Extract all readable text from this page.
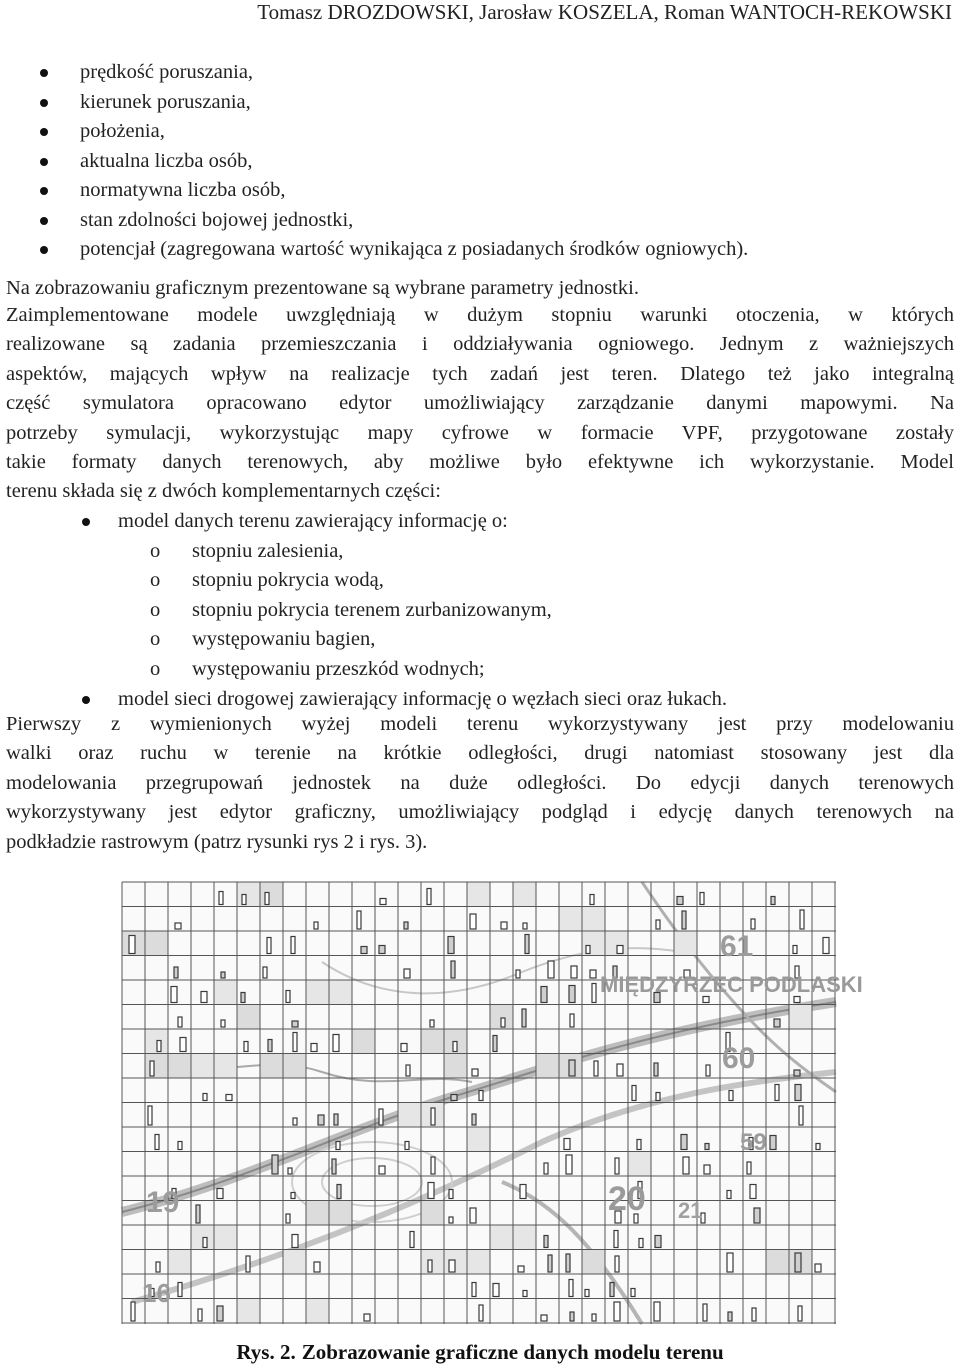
Tomasz DROZDOWSKI, Jarosław KOSZELA, Roman WANTOCH-REKOWSKI
prędkość poruszania,
kierunek poruszania,
położenia,
aktualna liczba osób,
normatywna liczba osób,
stan zdolności bojowej jednostki,
potencjał (zagregowana wartość wynikająca z posiadanych środków ogniowych).
Na zobrazowaniu graficznym prezentowane są wybrane parametry jednostki.
Zaimplementowane modele uwzględniają w dużym stopniu warunki otoczenia, w których
realizowane są zadania przemieszczania i oddziaływania ogniowego. Jednym z ważniejszych
aspektów, mających wpływ na realizacje tych zadań jest teren. Dlatego też jako integralną
część symulatora opracowano edytor umożliwiający zarządzanie danymi mapowymi. Na
potrzeby symulacji, wykorzystując mapy cyfrowe w formacie VPF, przygotowane zostały
takie formaty danych terenowych, aby możliwe było efektywne ich wykorzystanie. Model
terenu składa się z dwóch komplementarnych części:
model danych terenu zawierający informację o:
o stopniu zalesienia,
o stopniu pokrycia wodą,
o stopniu pokrycia terenem zurbanizowanym,
o występowaniu bagien,
o występowaniu przeszkód wodnych;
model sieci drogowej zawierający informację o węzłach sieci oraz łukach.
Pierwszy z wymienionych wyżej modeli terenu wykorzystywany jest przy modelowaniu
walki oraz ruchu w terenie na krótkie odległości, drugi natomiast stosowany jest dla
modelowania przegrupowań jednostek na duże odległości. Do edycji danych terenowych
wykorzystywany jest edytor graficzny, umożliwiający podgląd i edycję danych terenowych na
podkładzie rastrowym (patrz rysunki rys 2 i rys. 3).
61
MIĘDZYRZEC PODLASKI
60
59
20 21
19
16
Rys. 2. Zobrazowanie graficzne danych modelu terenu
